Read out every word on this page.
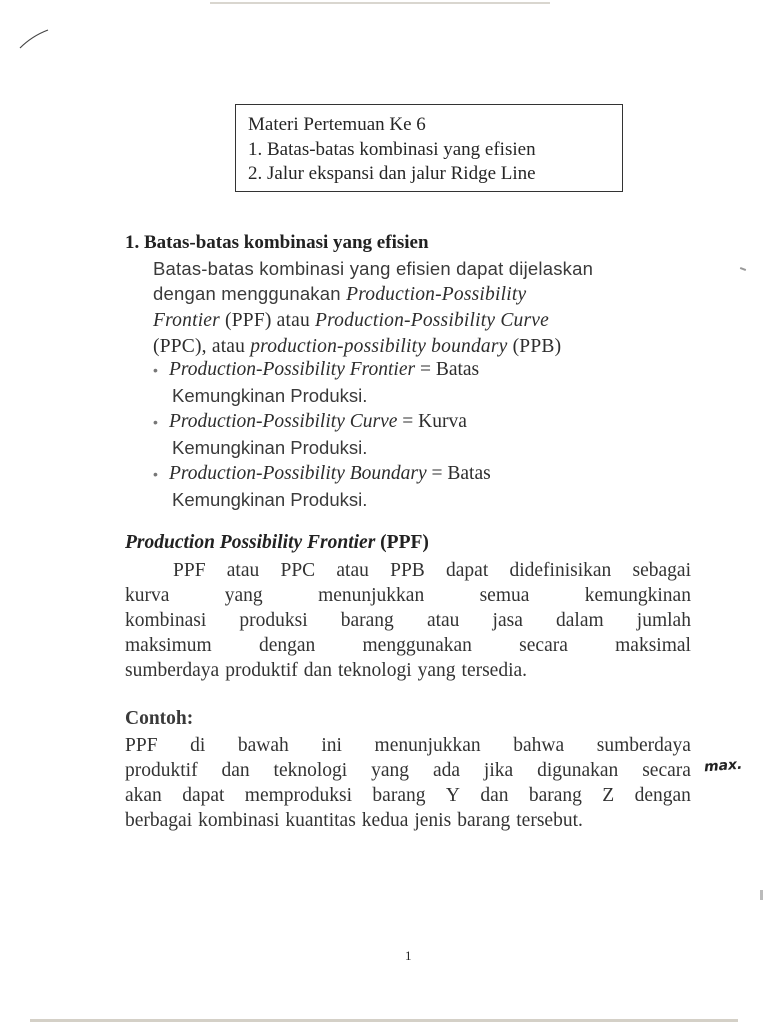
Materi Pertemuan Ke 6
1. Batas-batas kombinasi yang efisien
2. Jalur ekspansi dan jalur Ridge Line
1. Batas-batas kombinasi yang efisien
Batas-batas kombinasi yang efisien dapat dijelaskan
dengan menggunakan Production-Possibility
Frontier (PPF) atau Production-Possibility Curve
(PPC), atau production-possibility boundary (PPB)
• Production-Possibility Frontier = Batas
Kemungkinan Produksi.
• Production-Possibility Curve = Kurva
Kemungkinan Produksi.
• Production-Possibility Boundary = Batas
Kemungkinan Produksi.
Production Possibility Frontier (PPF)
PPF atau PPC atau PPB dapat didefinisikan sebagai
kurva	yang	menunjukkan	semua	kemungkinan
kombinasi produksi barang atau jasa dalam jumlah
maksimum dengan menggunakan secara maksimal
sumberdaya produktif dan teknologi yang tersedia.
Contoh:
PPF di bawah ini menunjukkan bahwa sumberdaya
produktif dan teknologi yang ada jika digunakan secara
akan dapat memproduksi barang Y dan barang Z dengan
berbagai kombinasi kuantitas kedua jenis barang tersebut.
max.
1
